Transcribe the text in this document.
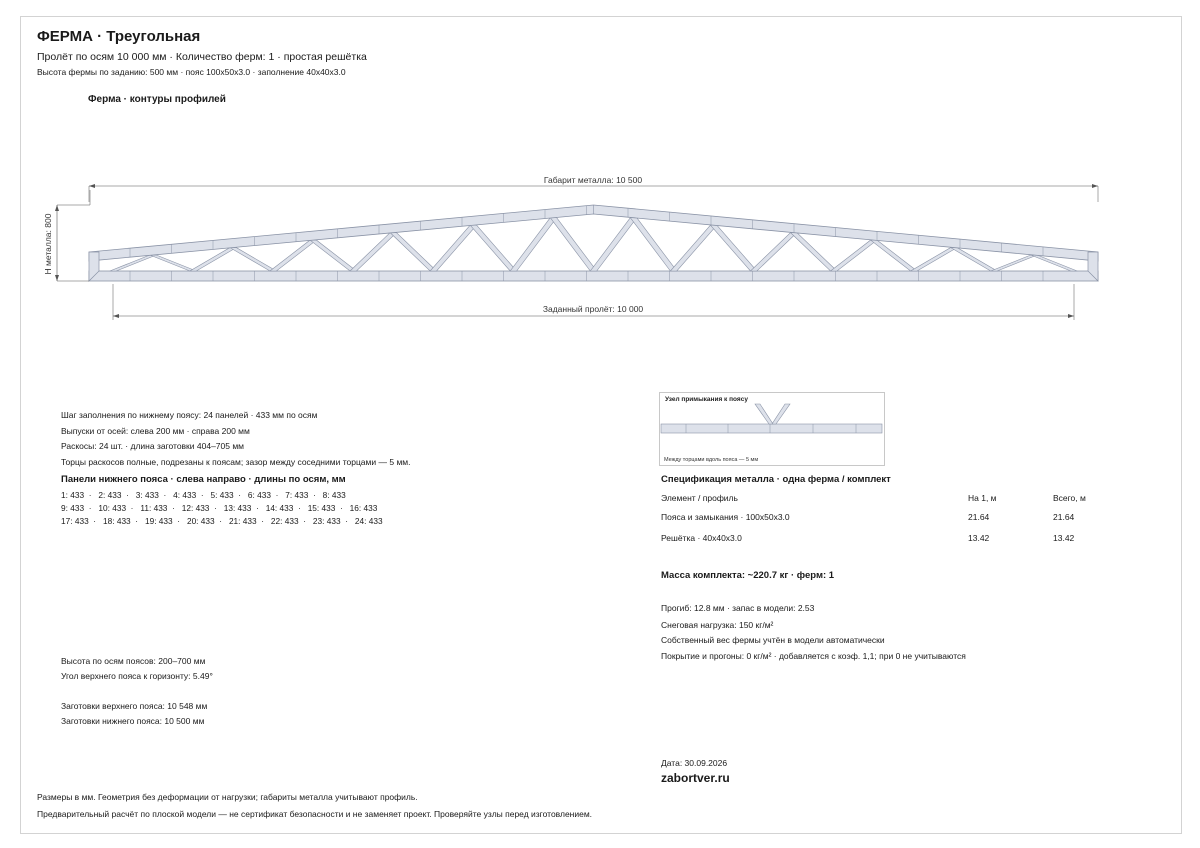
ФЕРМА · Треугольная
Пролёт по осям 10 000 мм · Количество ферм: 1 · простая решётка
Высота фермы по заданию: 500 мм · пояс 100x50x3.0 · заполнение 40x40x3.0
Ферма · контуры профилей
Габарит металла: 10 500
Заданный пролёт: 10 000
Н металла: 800
Шаг заполнения по нижнему поясу: 24 панелей · 433 мм по осям
Выпуски от осей: слева 200 мм · справа 200 мм
Раскосы: 24 шт. · длина заготовки 404–705 мм
Торцы раскосов полные, подрезаны к поясам; зазор между соседними торцами — 5 мм.
Панели нижнего пояса · слева направо · длины по осям, мм
1: 433  ·   2: 433  ·   3: 433  ·   4: 433  ·   5: 433  ·   6: 433  ·   7: 433  ·   8: 433
9: 433  ·   10: 433  ·   11: 433  ·   12: 433  ·   13: 433  ·   14: 433  ·   15: 433  ·   16: 433
17: 433  ·   18: 433  ·   19: 433  ·   20: 433  ·   21: 433  ·   22: 433  ·   23: 433  ·   24: 433
Высота по осям поясов: 200–700 мм
Угол верхнего пояса к горизонту: 5.49°
Заготовки верхнего пояса: 10 548 мм
Заготовки нижнего пояса: 10 500 мм
Узел примыкания к поясу
Между торцами вдоль пояса — 5 мм
Спецификация металла · одна ферма / комплект
Элемент / профиль	На 1, м	Всего, м
Пояса и замыкания · 100x50x3.0	21.64	21.64
Решётка · 40x40x3.0	13.42	13.42
Масса комплекта: ~220.7 кг · ферм: 1
Прогиб: 12.8 мм · запас в модели: 2.53
Снеговая нагрузка: 150 кг/м²
Собственный вес фермы учтён в модели автоматически
Покрытие и прогоны: 0 кг/м² · добавляется с коэф. 1,1; при 0 не учитываются
Дата: 30.09.2026
zabortver.ru
Размеры в мм. Геометрия без деформации от нагрузки; габариты металла учитывают профиль.
Предварительный расчёт по плоской модели — не сертификат безопасности и не заменяет проект. Проверяйте узлы перед изготовлением.
